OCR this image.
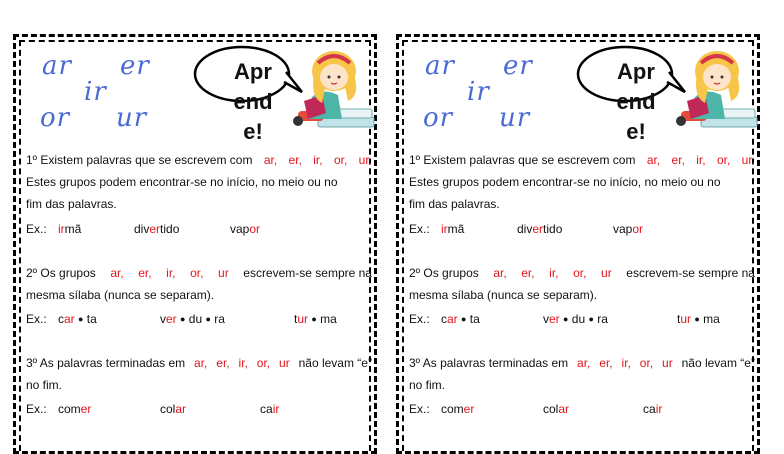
ar er
ir
or ur
Apr
end
e!
1º Existem palavras que se escrevem com ar, er, ir, or, ur.
Estes grupos podem encontrar-se no início, no meio ou no
fim das palavras.
Ex.: irmã	divertido	vapor
2º Os grupos ar, er, ir, or, ur escrevem-se sempre na
mesma sílaba (nunca se separam).
Ex.: car ● ta	ver ● du ● ra	tur ● ma
3º As palavras terminadas em ar, er, ir, or, ur não levam “e”
no fim.
Ex.: comer	colar	cair
ar er
ir
or ur
Apr
end
e!
1º Existem palavras que se escrevem com ar, er, ir, or, ur.
Estes grupos podem encontrar-se no início, no meio ou no
fim das palavras.
Ex.: irmã	divertido	vapor
2º Os grupos ar, er, ir, or, ur escrevem-se sempre na
mesma sílaba (nunca se separam).
Ex.: car ● ta	ver ● du ● ra	tur ● ma
3º As palavras terminadas em ar, er, ir, or, ur não levam “e”
no fim.
Ex.: comer	colar	cair
